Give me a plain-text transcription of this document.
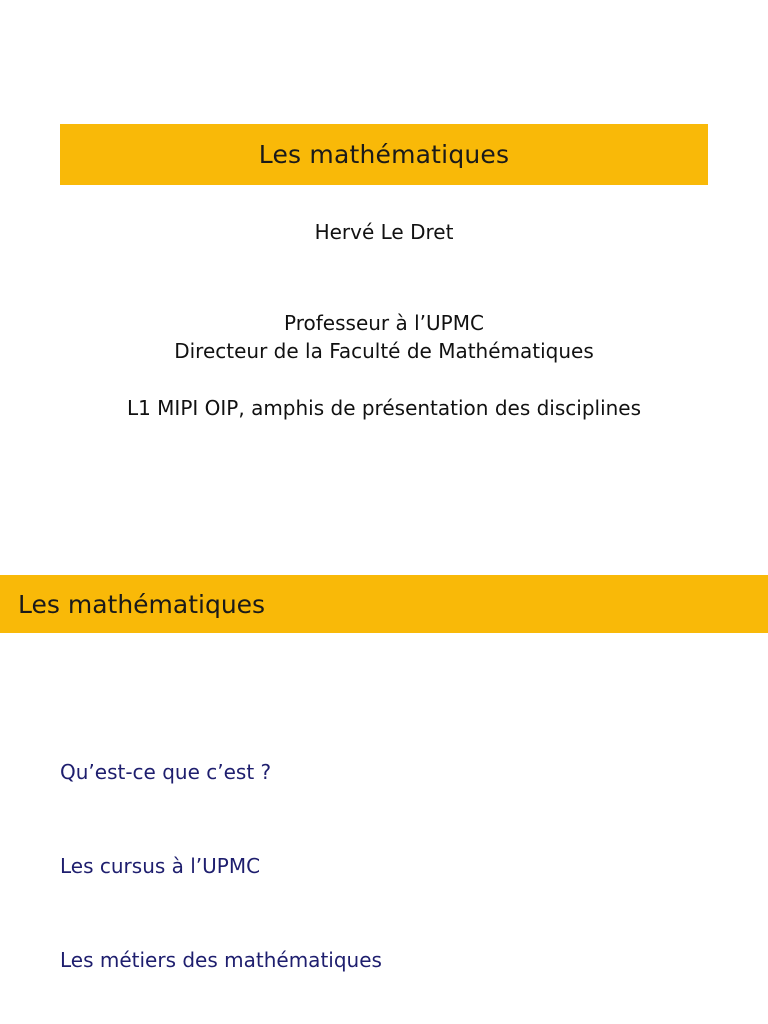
Les mathématiques
Hervé Le Dret
Professeur à l’UPMC
Directeur de la Faculté de Mathématiques
L1 MIPI OIP, amphis de présentation des disciplines
Les mathématiques
Qu’est-ce que c’est ?
Les cursus à l’UPMC
Les métiers des mathématiques
